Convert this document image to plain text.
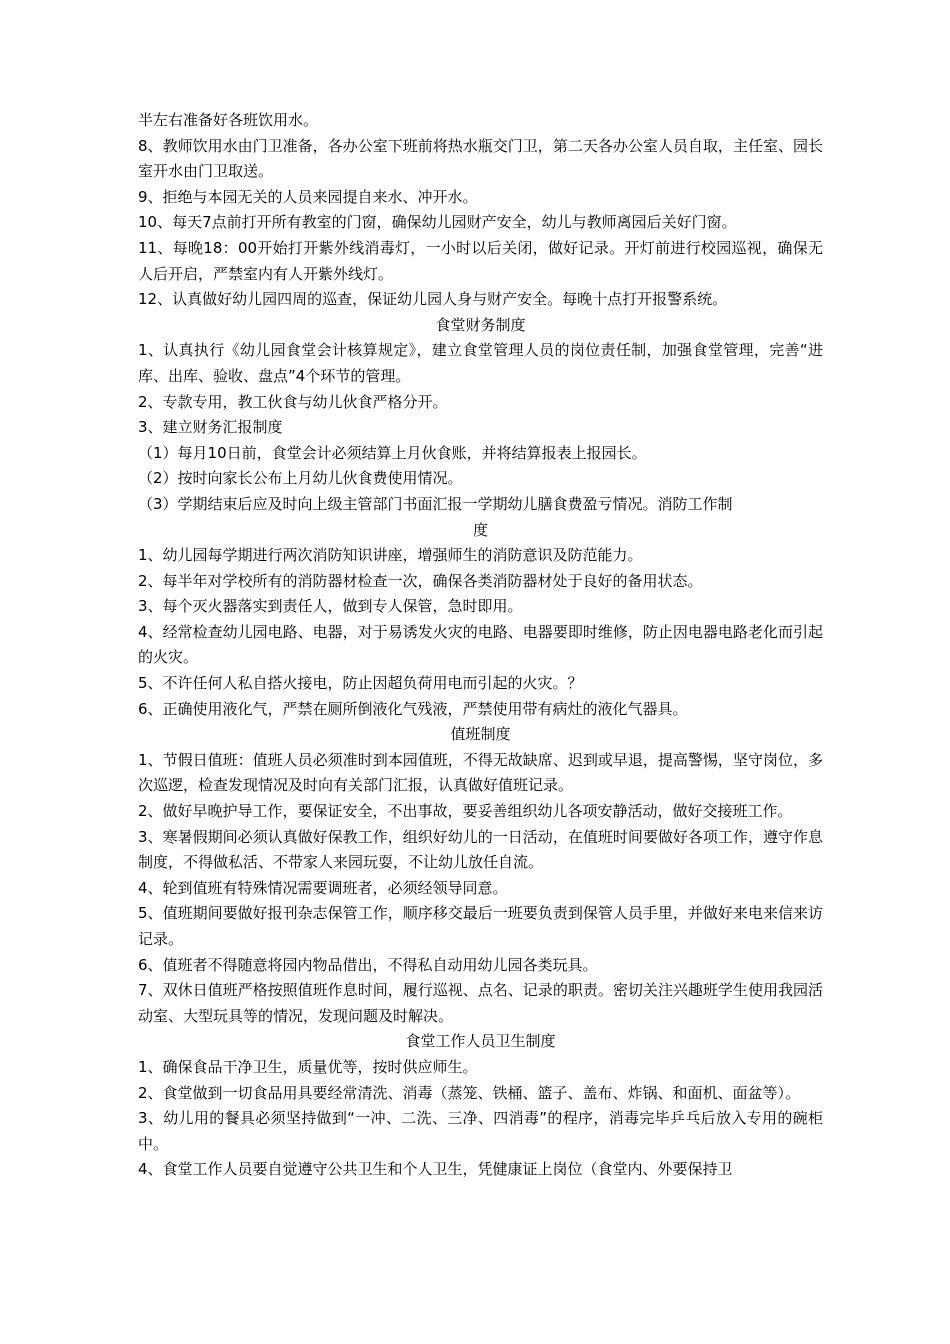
半左右准备好各班饮用水。

8、教师饮用水由门卫准备，各办公室下班前将热水瓶交门卫，第二天各办公室人员自取，主任室、园长室开水由门卫取送。

9、拒绝与本园无关的人员来园提自来水、冲开水。

10、每天7点前打开所有教室的门窗，确保幼儿园财产安全，幼儿与教师离园后关好门窗。

11、每晚18：00开始打开紫外线消毒灯，一小时以后关闭，做好记录。开灯前进行校园巡视，确保无人后开启，严禁室内有人开紫外线灯。

12、认真做好幼儿园四周的巡查，保证幼儿园人身与财产安全。每晚十点打开报警系统。

食堂财务制度

1、认真执行《幼儿园食堂会计核算规定》，建立食堂管理人员的岗位责任制，加强食堂管理，完善“进库、出库、验收、盘点”4个环节的管理。

2、专款专用，教工伙食与幼儿伙食严格分开。

3、建立财务汇报制度

（1）每月10日前，食堂会计必须结算上月伙食账，并将结算报表上报园长。

（2）按时向家长公布上月幼儿伙食费使用情况。

（3）学期结束后应及时向上级主管部门书面汇报一学期幼儿膳食费盈亏情况。消防工作制

度

1、幼儿园每学期进行两次消防知识讲座，增强师生的消防意识及防范能力。

2、每半年对学校所有的消防器材检查一次，确保各类消防器材处于良好的备用状态。

3、每个灭火器落实到责任人，做到专人保管，急时即用。

4、经常检查幼儿园电路、电器，对于易诱发火灾的电路、电器要即时维修，防止因电器电路老化而引起的火灾。

5、不许任何人私自搭火接电，防止因超负荷用电而引起的火灾。？

6、正确使用液化气，严禁在厕所倒液化气残液，严禁使用带有病灶的液化气器具。

值班制度

1、节假日值班：值班人员必须准时到本园值班，不得无故缺席、迟到或早退，提高警惕，坚守岗位，多次巡逻，检查发现情况及时向有关部门汇报，认真做好值班记录。

2、做好早晚护导工作，要保证安全，不出事故，要妥善组织幼儿各项安静活动，做好交接班工作。

3、寒暑假期间必须认真做好保教工作，组织好幼儿的一日活动，在值班时间要做好各项工作，遵守作息制度，不得做私活、不带家人来园玩耍，不让幼儿放任自流。

4、轮到值班有特殊情况需要调班者，必须经领导同意。

5、值班期间要做好报刊杂志保管工作，顺序移交最后一班要负责到保管人员手里，并做好来电来信来访记录。

6、值班者不得随意将园内物品借出，不得私自动用幼儿园各类玩具。

7、双休日值班严格按照值班作息时间，履行巡视、点名、记录的职责。密切关注兴趣班学生使用我园活动室、大型玩具等的情况，发现问题及时解决。

食堂工作人员卫生制度

1、确保食品干净卫生，质量优等，按时供应师生。

2、食堂做到一切食品用具要经常清洗、消毒（蒸笼、铁桶、篮子、盖布、炸锅、和面机、面盆等）。

3、幼儿用的餐具必须坚持做到“一冲、二洗、三净、四消毒”的程序，消毒完毕乒乓后放入专用的碗柜中。

4、食堂工作人员要自觉遵守公共卫生和个人卫生，凭健康证上岗位（食堂内、外要保持卫
